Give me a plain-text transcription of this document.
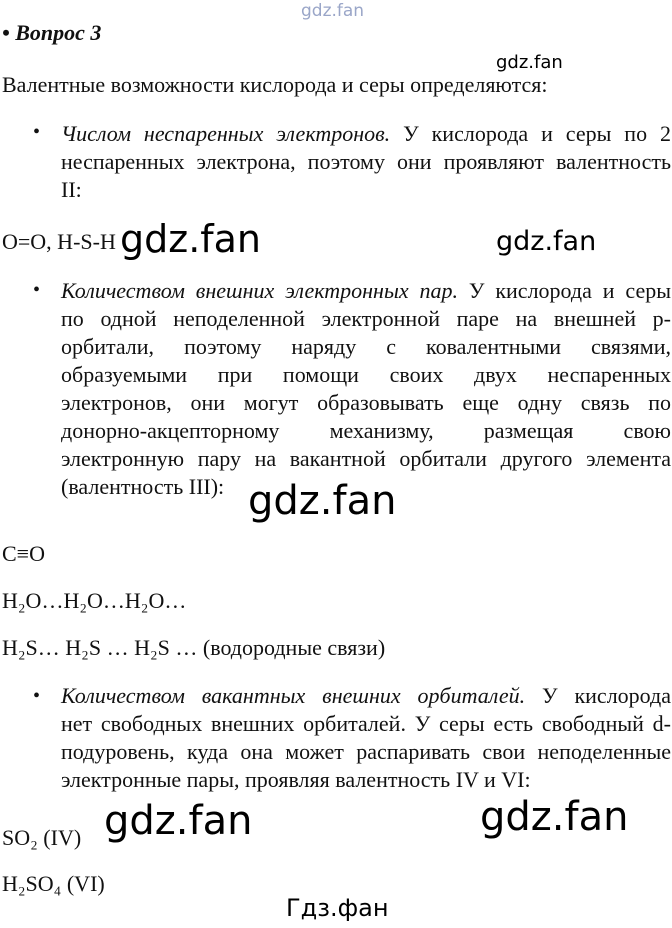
gdz.fan
• Вопрос 3
gdz.fan
Валентные возможности кислорода и серы определяются:
• Числом неспаренных электронов. У кислорода и серы по 2
неспаренных электрона, поэтому они проявляют валентность
II:
O=O, H-S-H gdz.fan	gdz.fan
• Количеством внешних электронных пар. У кислорода и серы
по одной неподеленной электронной паре на внешней p-
орбитали, поэтому наряду с ковалентными связями,
образуемыми при помощи своих двух неспаренных
электронов, они могут образовывать еще одну связь по
донорно-акцепторному механизму, размещая свою
электронную пару на вакантной орбитали другого элемента
(валентность III): gdz.fan
C≡O
H₂O…H₂O…H₂O…
H₂S… H₂S … H₂S … (водородные связи)
• Количеством вакантных внешних орбиталей. У кислорода
нет свободных внешних орбиталей. У серы есть свободный d-
подуровень, куда она может распаривать свои неподеленные
электронные пары, проявляя валентность IV и VI:
SO₂ (IV) gdz.fan	gdz.fan
H₂SO₄ (VI)
Гдз.фан
